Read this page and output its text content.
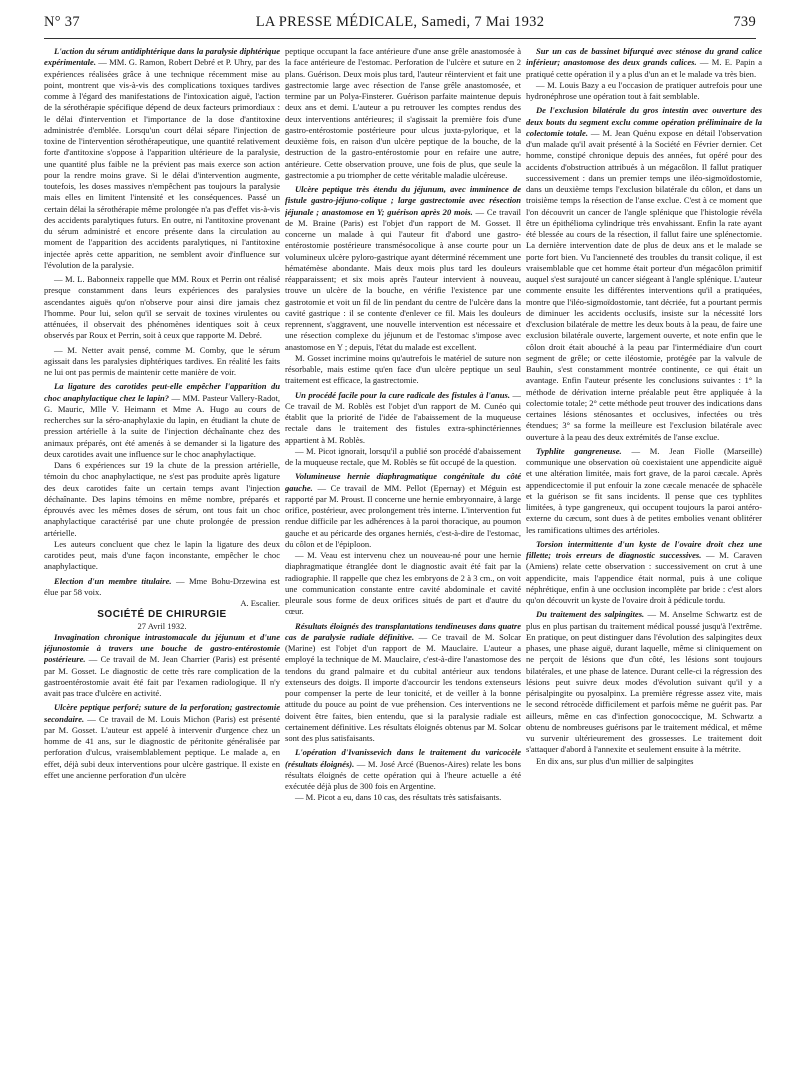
N° 37	LA PRESSE MÉDICALE, Samedi, 7 Mai 1932	739

L'action du sérum antidiphtérique dans la paralysie diphtérique expérimentale. — MM. G. Ramon, Robert Debré et P. Uhry, par des expériences réalisées grâce à une technique récemment mise au point, montrent que vis-à-vis des complications toxiques tardives comme à l'égard des manifestations de l'intoxication aiguë, l'action de la sérothérapie spécifique dépend de deux facteurs primordiaux : le délai d'intervention et l'importance de la dose d'antitoxine administrée d'emblée. Lorsqu'un court délai sépare l'injection de toxine de l'intervention sérothérapeutique, une quantité relativement forte d'antitoxine s'oppose à l'apparition ultérieure de la paralysie, une quantité plus faible ne la prévient pas mais exerce son action pour la rendre moins grave. Si le délai d'intervention augmente, toutefois, les doses massives n'empêchent pas toujours la paralysie mais elles en limitent l'intensité et les conséquences. Passé un certain délai la sérothérapie même prolongée n'a pas d'effet vis-à-vis des accidents paralytiques futurs. En outre, ni l'antitoxine provenant du sérum administré et encore présente dans la circulation au moment de l'apparition des accidents paralytiques, ni l'antitoxine injectée après cette apparition, ne semblent avoir d'influence sur l'évolution de la paralysie.

— M. L. Babonneix rappelle que MM. Roux et Perrin ont réalisé presque constamment dans leurs expériences des paralysies ascendantes aiguës qu'on n'observe pour ainsi dire jamais chez l'homme. Pour lui, selon qu'il se servait de toxines virulentes ou atténuées, il observait des phénomènes identiques soit à ceux observés par Roux et Perrin, soit à ceux que rapporte M. Debré.

— M. Netter avait pensé, comme M. Comby, que le sérum agissait dans les paralysies diphtériques tardives. En réalité les faits ne lui ont pas permis de maintenir cette manière de voir.

La ligature des carotides peut-elle empêcher l'apparition du choc anaphylactique chez le lapin? — MM. Pasteur Vallery-Radot, G. Mauric, Mlle V. Heimann et Mme A. Hugo au cours de recherches sur la séro-anaphylaxie du lapin, en étudiant la chute de pression artérielle à la suite de l'injection déchaînante chez des animaux préparés, ont été amenés à se demander si la ligature des deux carotides avait une influence sur le choc anaphylactique.

Dans 6 expériences sur 19 la chute de la pression artérielle, témoin du choc anaphylactique, ne s'est pas produite après ligature des deux carotides faite un certain temps avant l'injection déchaînante. Des lapins témoins en même nombre, préparés et éprouvés avec les mêmes doses de sérum, ont tous fait un choc anaphylactique caractérisé par une chute prolongée de pression artérielle.

Les auteurs concluent que chez le lapin la ligature des deux carotides peut, mais d'une façon inconstante, empêcher le choc anaphylactique.

Election d'un membre titulaire. — Mme Bohu-Drzewina est élue par 58 voix.

A. Escalier.

SOCIÉTÉ DE CHIRURGIE

27 Avril 1932.

Invagination chronique intrastomacale du jéjunum et d'une jéjunostomie à travers une bouche de gastro-entérostomie postérieure. — Ce travail de M. Jean Charrier (Paris) est présenté par M. Gosset. Le diagnostic de cette très rare complication de la gastroentérostomie avait été fait par l'examen radiologique. Il n'y avait pas trace d'ulcère en activité.

Ulcère peptique perforé; suture de la perforation; gastrectomie secondaire. — Ce travail de M. Louis Michon (Paris) est présenté par M. Gosset. L'auteur est appelé à intervenir d'urgence chez un homme de 41 ans, sur le diagnostic de péritonite généralisée par perforation d'ulcus, vraisemblablement peptique. Le malade a, en effet, déjà subi deux interventions pour ulcère gastrique. Il existe en effet une ancienne perforation d'un ulcère

peptique occupant la face antérieure d'une anse grêle anastomosée à la face antérieure de l'estomac. Perforation de l'ulcère et suture en 2 plans. Guérison. Deux mois plus tard, l'auteur réintervient et fait une gastrectomie large avec résection de l'anse grêle anastomosée, et termine par un Polya-Finsterer. Guérison parfaite maintenue depuis deux ans et demi. L'auteur a pu retrouver les comptes rendus des deux interventions antérieures; il s'agissait la première fois d'une gastro-entérostomie postérieure pour ulcus juxta-pylorique, et la deuxième fois, en raison d'un ulcère peptique de la bouche, de la destruction de la gastro-entérostomie pour en refaire une autre, antérieure. Cette observation prouve, une fois de plus, que seule la gastrectomie a pu triompher de cette véritable maladie ulcéreuse.

Ulcère peptique très étendu du jéjunum, avec imminence de fistule gastro-jéjuno-colique ; large gastrectomie avec résection jéjunale ; anastomose en Y; guérison après 20 mois. — Ce travail de M. Braine (Paris) est l'objet d'un rapport de M. Gosset. Il concerne un malade à qui l'auteur fit d'abord une gastro-entérostomie postérieure transmésocolique à anse courte pour un volumineux ulcère pyloro-gastrique ayant déterminé récemment une hématémèse abondante. Mais deux mois plus tard les douleurs réapparaissent; et six mois après l'auteur intervient à nouveau, trouve un ulcère de la bouche, en vérifie l'existence par une gastrotomie et voit un fil de lin pendant du centre de l'ulcère dans la cavité gastrique : il se contente d'enlever ce fil. Mais les douleurs reprennent, s'aggravent, une nouvelle intervention est nécessaire et une résection complexe du jéjunum et de l'estomac s'impose avec anastomose en Y ; depuis, l'état du malade est excellent.

M. Gosset incrimine moins qu'autrefois le matériel de suture non résorbable, mais estime qu'en face d'un ulcère peptique un seul traitement est efficace, la gastrectomie.

Un procédé facile pour la cure radicale des fistules à l'anus. — Ce travail de M. Roblès est l'objet d'un rapport de M. Cunéo qui établit que la priorité de l'idée de l'abaissement de la muqueuse rectale dans le traitement des fistules extra-sphinctériennes appartient à M. Roblès.

— M. Picot ignorait, lorsqu'il a publié son procédé d'abaissement de la muqueuse rectale, que M. Roblès se fût occupé de la question.

Volumineuse hernie diaphragmatique congénitale du côté gauche. — Ce travail de MM. Pellot (Epernay) et Méguin est rapporté par M. Proust. Il concerne une hernie embryonnaire, à large orifice, postérieur, avec prolongement très interne. L'intervention fut rendue difficile par les adhérences à la paroi thoracique, au poumon gauche et au péricarde des organes herniés, c'est-à-dire de l'estomac, du côlon et de l'épiploon.

— M. Veau est intervenu chez un nouveau-né pour une hernie diaphragmatique étranglée dont le diagnostic avait été fait par la radiographie. Il rappelle que chez les embryons de 2 à 3 cm., on voit une communication constante entre cavité abdominale et cavité pleurale sous forme de deux orifices situés de part et d'autre du cœur.

Résultats éloignés des transplantations tendineuses dans quatre cas de paralysie radiale définitive. — Ce travail de M. Solcar (Marine) est l'objet d'un rapport de M. Mauclaire. L'auteur a employé la technique de M. Mauclaire, c'est-à-dire l'anastomose des tendons du grand palmaire et du cubital antérieur aux tendons extenseurs des doigts. Il importe d'accourcir les tendons extenseurs pour compenser la perte de leur tonicité, et de veiller à la bonne attitude du pouce au point de vue préhension. Ces interventions ne doivent être faites, bien entendu, que si la paralysie radiale est certainement définitive. Les résultats éloignés obtenus par M. Solcar sont des plus satisfaisants.

L'opération d'Ivanissevich dans le traitement du varicocèle (résultats éloignés). — M. José Arcé (Buenos-Aires) relate les bons résultats éloignés de cette opération qui à l'heure actuelle a été exécutée déjà plus de 300 fois en Argentine.

— M. Picot a eu, dans 10 cas, des résultats très satisfaisants.

Sur un cas de bassinet bifurqué avec sténose du grand calice inférieur; anastomose des deux grands calices. — M. E. Papin a pratiqué cette opération il y a plus d'un an et le malade va très bien.

— M. Louis Bazy a eu l'occasion de pratiquer autrefois pour une hydronéphrose une opération tout à fait semblable.

De l'exclusion bilatérale du gros intestin avec ouverture des deux bouts du segment exclu comme opération préliminaire de la colectomie totale. — M. Jean Quénu expose en détail l'observation d'un malade qu'il avait présenté à la Société en Février dernier. Cet homme, constipé chronique depuis des années, fut opéré pour des accidents d'obstruction attribués à un mégacôlon. Il fallut pratiquer successivement : dans un premier temps une iléo-sigmoïdostomie, dans un deuxième temps l'exclusion bilatérale du côlon, et dans un troisième temps la résection de l'anse exclue. C'est à ce moment que l'on découvrit un cancer de l'angle splénique que l'histologie révéla être un épithélioma cylindrique très envahissant. Enfin la rate ayant été blessée au cours de la résection, il fallut faire une splénectomie. La dernière intervention date de plus de deux ans et le malade se porte fort bien. Vu l'ancienneté des troubles du transit colique, il est vraisemblable que cet homme était porteur d'un mégacôlon primitif auquel s'est surajouté un cancer siégeant à l'angle splénique. L'auteur commente ensuite les différentes interventions qu'il a pratiquées, montre que l'iléo-sigmoïdostomie, tant décriée, fut a pourtant permis de diminuer les accidents occlusifs, insiste sur la nécessité lors d'exclusion bilatérale de mettre les deux bouts à la peau, de faire une exclusion bilatérale ouverte, largement ouverte, et note enfin que le côlon droit était abouché à la peau par l'intermédiaire d'un court segment de grêle; or cette iléostomie, protégée par la valvule de Bauhin, s'est constamment montrée continente, ce qui était un avantage. Enfin l'auteur présente les conclusions suivantes : 1° la méthode de dérivation interne préalable peut être appliquée à la colectomie totale; 2° cette méthode peut trouver des indications dans certaines lésions sténosantes et occlusives, infectées ou très étendues; 3° sa forme la meilleure est l'exclusion bilatérale avec ouverture à la peau des deux extrémités de l'anse exclue.

Typhlite gangreneuse. — M. Jean Fiolle (Marseille) communique une observation où coexistaient une appendicite aiguë et une altération limitée, mais fort grave, de la paroi cæcale. Après appendicectomie il put enfouir la zone cæcale menacée de sphacèle et la guérison se fit sans incidents. Il pense que ces typhlites limitées, à type gangreneux, qui occupent toujours la paroi antéro-externe du cæcum, sont dues à de petites embolies venant oblitérer les ramifications ultimes des artérioles.

Torsion intermittente d'un kyste de l'ovaire droit chez une fillette; trois erreurs de diagnostic successives. — M. Caraven (Amiens) relate cette observation : successivement on crut à une appendicite, mais l'appendice était normal, puis à une colique néphrétique, enfin à une occlusion incomplète par bride : c'est alors qu'on découvrit un kyste de l'ovaire droit à pédicule tordu.

Du traitement des salpingites. — M. Anselme Schwartz est de plus en plus partisan du traitement médical poussé jusqu'à l'extrême. En pratique, on peut distinguer dans l'évolution des salpingites deux phases, une phase aiguë, durant laquelle, même si cliniquement on ne perçoit de lésions que d'un côté, les lésions sont toujours bilatérales, et une phase de latence. Durant celle-ci la régression des lésions peut suivre deux modes d'évolution suivant qu'il y a périsalpingite ou pyosalpinx. La première régresse assez vite, mais le second rétrocède difficilement et parfois même ne guérit pas. Par ailleurs, même en cas d'infection gonococcique, M. Schwartz a obtenu de nombreuses guérisons par le traitement médical, et même vu survenir ultérieurement des grossesses. Le traitement doit s'attaquer d'abord à l'annexite et seulement ensuite à la métrite.

En dix ans, sur plus d'un millier de salpingites
